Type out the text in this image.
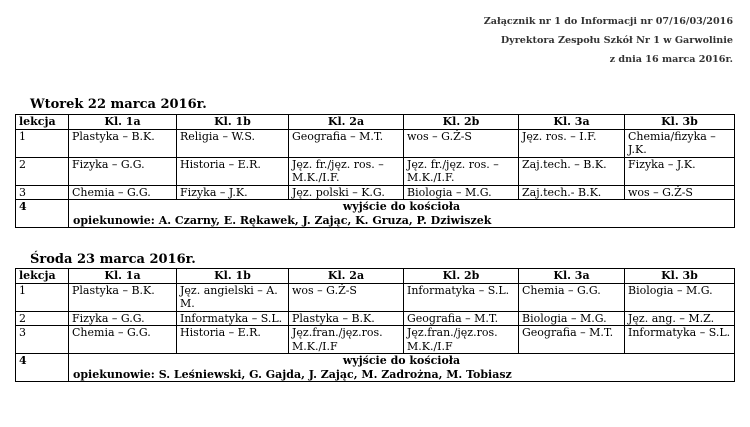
Załącznik nr 1 do Informacji nr 07/16/03/2016
Dyrektora Zespołu Szkół Nr 1 w Garwolinie
z dnia 16 marca 2016r.
Wtorek 22 marca 2016r.
lekcja	Kl. 1a	Kl. 1b	Kl. 2a	Kl. 2b	Kl. 3a	Kl. 3b
1	Plastyka – B.K.	Religia – W.S.	Geografia – M.T.	wos – G.Ż-S	Jęz. ros. – I.F.	Chemia/fizyka – J.K.
2	Fizyka – G.G.	Historia – E.R.	Jęz. fr./jęz. ros. – M.K./I.F.	Jęz. fr./jęz. ros. – M.K./I.F.	Zaj.tech. – B.K.	Fizyka – J.K.
3	Chemia – G.G.	Fizyka – J.K.	Jęz. polski – K.G.	Biologia – M.G.	Zaj.tech.- B.K.	wos – G.Ż-S
4	wyjście do kościoła
opiekunowie: A. Czarny, E. Rękawek, J. Zając, K. Gruza, P. Dziwiszek					
Środa 23 marca 2016r.
lekcja	Kl. 1a	Kl. 1b	Kl. 2a	Kl. 2b	Kl. 3a	Kl. 3b
1	Plastyka – B.K.	Jęz. angielski – A. M.	wos – G.Ż-S	Informatyka – S.L.	Chemia – G.G.	Biologia – M.G.
2	Fizyka – G.G.	Informatyka – S.L.	Plastyka – B.K.	Geografia – M.T.	Biologia – M.G.	Jęz. ang. – M.Z.
3	Chemia – G.G.	Historia – E.R.	Jęz.fran./jęz.ros. M.K./I.F	Jęz.fran./jęz.ros. M.K./I.F	Geografia – M.T.	Informatyka – S.L.
4	wyjście do kościoła
opiekunowie: S. Leśniewski, G. Gajda, J. Zając, M. Zadrożna, M. Tobiasz					
